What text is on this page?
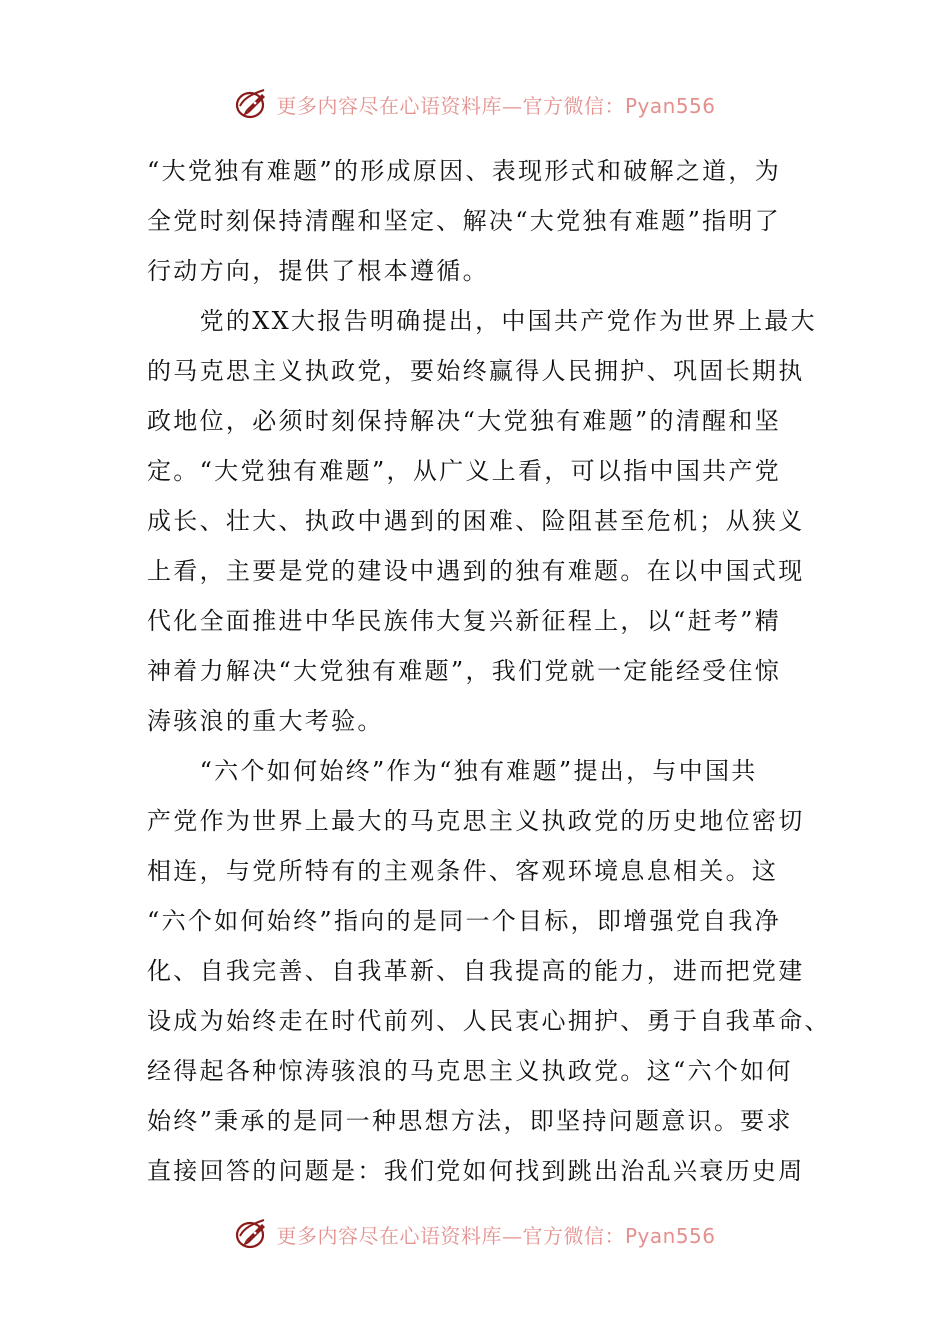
更多内容尽在心语资料库—官方微信：Pyan556
“大党独有难题”的形成原因、表现形式和破解之道，为
全党时刻保持清醒和坚定、解决“大党独有难题”指明了
行动方向，提供了根本遵循。
　　党的XX大报告明确提出，中国共产党作为世界上最大
的马克思主义执政党，要始终赢得人民拥护、巩固长期执
政地位，必须时刻保持解决“大党独有难题”的清醒和坚
定。“大党独有难题”，从广义上看，可以指中国共产党
成长、壮大、执政中遇到的困难、险阻甚至危机；从狭义
上看，主要是党的建设中遇到的独有难题。在以中国式现
代化全面推进中华民族伟大复兴新征程上，以“赶考”精
神着力解决“大党独有难题”，我们党就一定能经受住惊
涛骇浪的重大考验。
　　“六个如何始终”作为“独有难题”提出，与中国共
产党作为世界上最大的马克思主义执政党的历史地位密切
相连，与党所特有的主观条件、客观环境息息相关。这
“六个如何始终”指向的是同一个目标，即增强党自我净
化、自我完善、自我革新、自我提高的能力，进而把党建
设成为始终走在时代前列、人民衷心拥护、勇于自我革命、
经得起各种惊涛骇浪的马克思主义执政党。这“六个如何
始终”秉承的是同一种思想方法，即坚持问题意识。要求
直接回答的问题是：我们党如何找到跳出治乱兴衰历史周
更多内容尽在心语资料库—官方微信：Pyan556
